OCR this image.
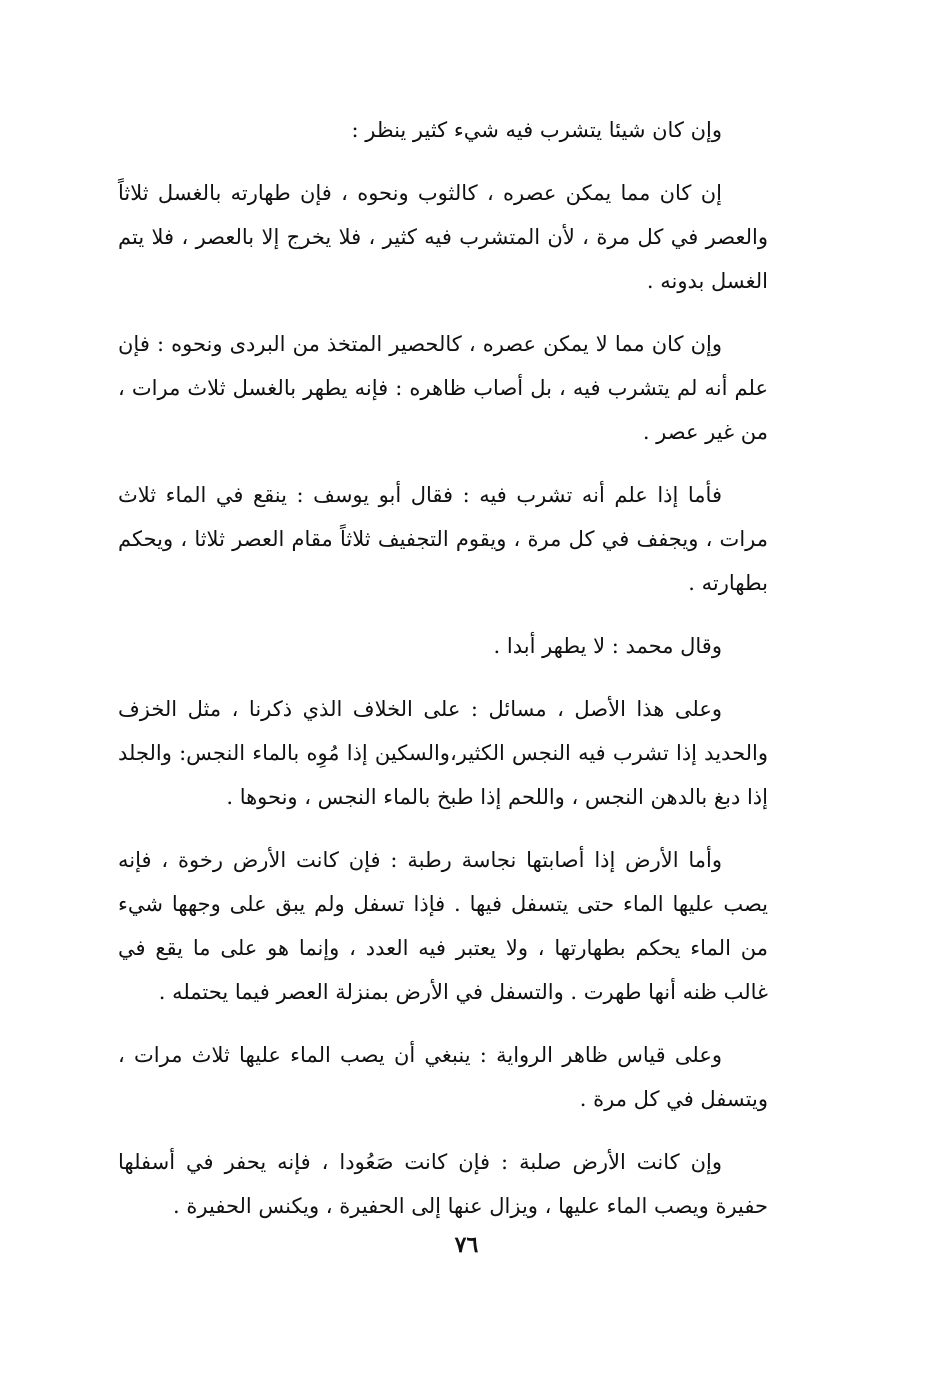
وإن كان شيئا يتشرب فيه شيء كثير ينظر :

إن كان مما يمكن عصره ، كالثوب ونحوه ، فإن طهارته بالغسل ثلاثاً والعصر في كل مرة ، لأن المتشرب فيه كثير ، فلا يخرج إلا بالعصر ، فلا يتم الغسل بدونه .

وإن كان مما لا يمكن عصره ، كالحصير المتخذ من البردى ونحوه : فإن علم أنه لم يتشرب فيه ، بل أصاب ظاهره : فإنه يطهر بالغسل ثلاث مرات ، من غير عصر .

فأما إذا علم أنه تشرب فيه : فقال أبو يوسف : ينقع في الماء ثلاث مرات ، ويجفف في كل مرة ، ويقوم التجفيف ثلاثاً مقام العصر ثلاثا ، ويحكم بطهارته .

وقال محمد : لا يطهر أبدا .

وعلى هذا الأصل ، مسائل : على الخلاف الذي ذكرنا ، مثل الخزف والحديد إذا تشرب فيه النجس الكثير،والسكين إذا مُوِه بالماء النجس: والجلد إذا دبغ بالدهن النجس ، واللحم إذا طبخ بالماء النجس ، ونحوها .

وأما الأرض إذا أصابتها نجاسة رطبة : فإن كانت الأرض رخوة ، فإنه يصب عليها الماء حتى يتسفل فيها . فإذا تسفل ولم يبق على وجهها شيء من الماء يحكم بطهارتها ، ولا يعتبر فيه العدد ، وإنما هو على ما يقع في غالب ظنه أنها طهرت . والتسفل في الأرض بمنزلة العصر فيما يحتمله .

وعلى قياس ظاهر الرواية : ينبغي أن يصب الماء عليها ثلاث مرات ، ويتسفل في كل مرة .

وإن كانت الأرض صلبة : فإن كانت صَعُودا ، فإنه يحفر في أسفلها حفيرة ويصب الماء عليها ، ويزال عنها إلى الحفيرة ، ويكنس الحفيرة .

٧٦
